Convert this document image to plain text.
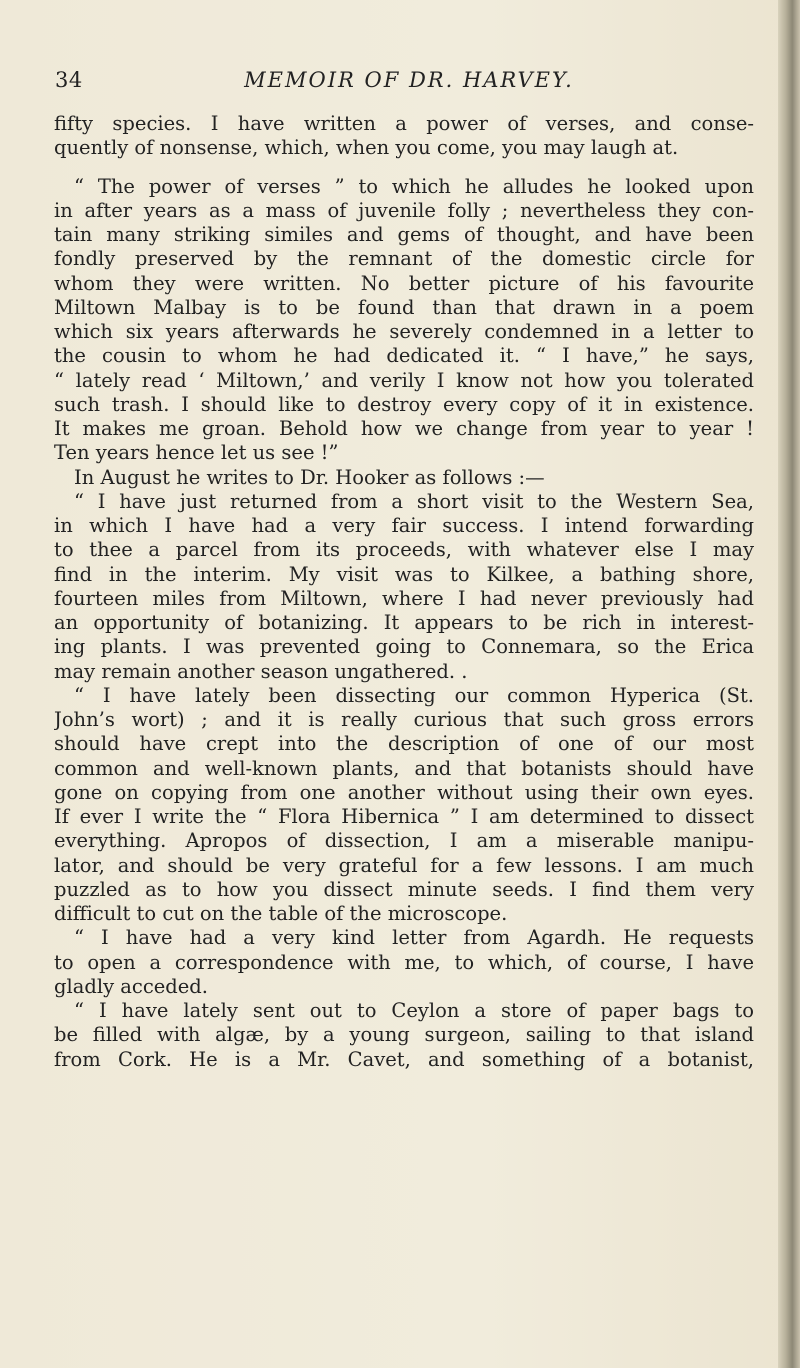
34	MEMOIR OF DR. HARVEY.
fifty species. I have written a power of verses, and conse-
quently of nonsense, which, when you come, you may laugh at.
“ The power of verses ” to which he alludes he looked upon
in after years as a mass of juvenile folly ; nevertheless they con-
tain many striking similes and gems of thought, and have been
fondly preserved by the remnant of the domestic circle for
whom they were written. No better picture of his favourite
Miltown Malbay is to be found than that drawn in a poem
which six years afterwards he severely condemned in a letter to
the cousin to whom he had dedicated it. “ I have,” he says,
“ lately read ‘ Miltown,’ and verily I know not how you tolerated
such trash. I should like to destroy every copy of it in existence.
It makes me groan. Behold how we change from year to year !
Ten years hence let us see !”
In August he writes to Dr. Hooker as follows :—
“ I have just returned from a short visit to the Western Sea,
in which I have had a very fair success. I intend forwarding
to thee a parcel from its proceeds, with whatever else I may
find in the interim. My visit was to Kilkee, a bathing shore,
fourteen miles from Miltown, where I had never previously had
an opportunity of botanizing. It appears to be rich in interest-
ing plants. I was prevented going to Connemara, so the Erica
may remain another season ungathered. .
“ I have lately been dissecting our common Hyperica (St.
John’s wort) ; and it is really curious that such gross errors
should have crept into the description of one of our most
common and well-known plants, and that botanists should have
gone on copying from one another without using their own eyes.
If ever I write the “ Flora Hibernica ” I am determined to dissect
everything. Apropos of dissection, I am a miserable manipu-
lator, and should be very grateful for a few lessons. I am much
puzzled as to how you dissect minute seeds. I find them very
difficult to cut on the table of the microscope.
“ I have had a very kind letter from Agardh. He requests
to open a correspondence with me, to which, of course, I have
gladly acceded.
“ I have lately sent out to Ceylon a store of paper bags to
be filled with algæ, by a young surgeon, sailing to that island
from Cork. He is a Mr. Cavet, and something of a botanist,
